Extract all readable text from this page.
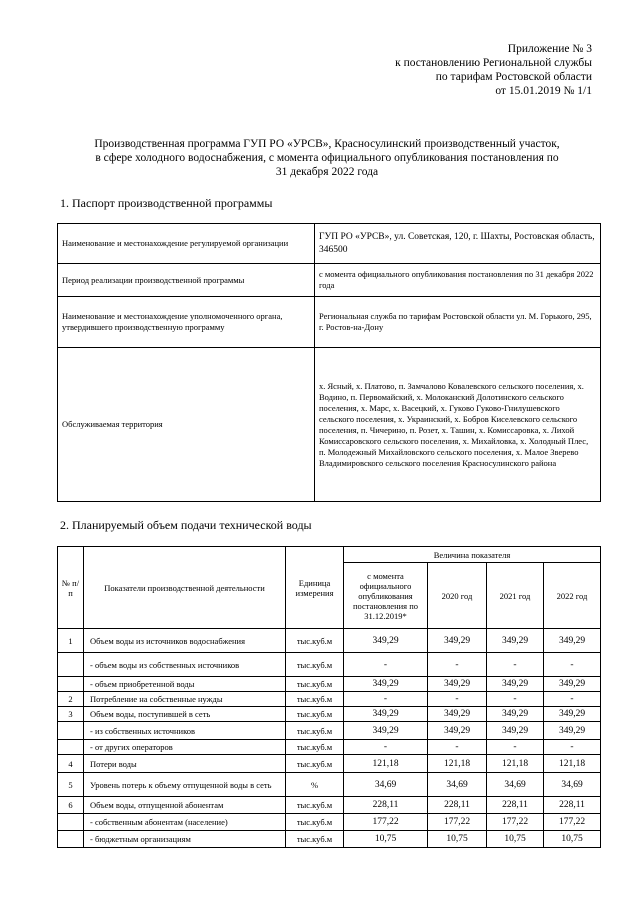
Приложение № 3
к постановлению Региональной службы
по тарифам Ростовской области
от 15.01.2019 № 1/1
Производственная программа ГУП РО «УРСВ», Красносулинский производственный участок,
в сфере холодного водоснабжения, с момента официального опубликования постановления по
31 декабря 2022 года
1. Паспорт производственной программы
Наименование и местонахождение регулируемой организации	ГУП РО «УРСВ», ул. Советская, 120, г. Шахты, Ростовская область, 346500
Период реализации производственной программы	с момента официального опубликования постановления по 31 декабря 2022 года
Наименование и местонахождение уполномоченного органа, утвердившего производственную программу	Региональная служба по тарифам Ростовской области ул. М. Горького, 295, г. Ростов-на-Дону
Обслуживаемая территория	х. Ясный, х. Платово, п. Замчалово Ковалевского сельского поселения, х. Водино, п. Первомайский, х. Молоканский Долотинского сельского поселения, х. Марс, х. Васецкий, х. Гуково Гуково-Гнилушевского сельского поселения, х. Украинский, х. Бобров Киселевского сельского поселения, п. Чичерино, п. Розет, х. Ташин, х. Комиссаровка, х. Лихой Комиссаровского сельского поселения, х. Михайловка, х. Холодный Плес, п. Молодежный Михайловского сельского поселения, х. Малое Зверево Владимировского сельского поселения Красносулинского района
2. Планируемый объем подачи технической воды
№ п/п	Показатели производственной деятельности	Единица измерения	Величина показателя			
			с момента официального опубликования постановления по 31.12.2019*	2020 год	2021 год	2022 год
1	Объем воды из источников водоснабжения	тыс.куб.м	349,29	349,29	349,29	349,29
	- объем воды из собственных источников	тыс.куб.м	-	-	-	-
	- объем приобретенной воды	тыс.куб.м	349,29	349,29	349,29	349,29
2	Потребление на собственные нужды	тыс.куб.м	-	-	-	-
3	Объем воды, поступившей в сеть	тыс.куб.м	349,29	349,29	349,29	349,29
	- из собственных источников	тыс.куб.м	349,29	349,29	349,29	349,29
	- от других операторов	тыс.куб.м	-	-	-	-
4	Потери воды	тыс.куб.м	121,18	121,18	121,18	121,18
5	Уровень потерь к объему отпущенной воды в сеть	%	34,69	34,69	34,69	34,69
6	Объем воды, отпущенной абонентам	тыс.куб.м	228,11	228,11	228,11	228,11
	- собственным абонентам (население)	тыс.куб.м	177,22	177,22	177,22	177,22
	- бюджетным организациям	тыс.куб.м	10,75	10,75	10,75	10,75
